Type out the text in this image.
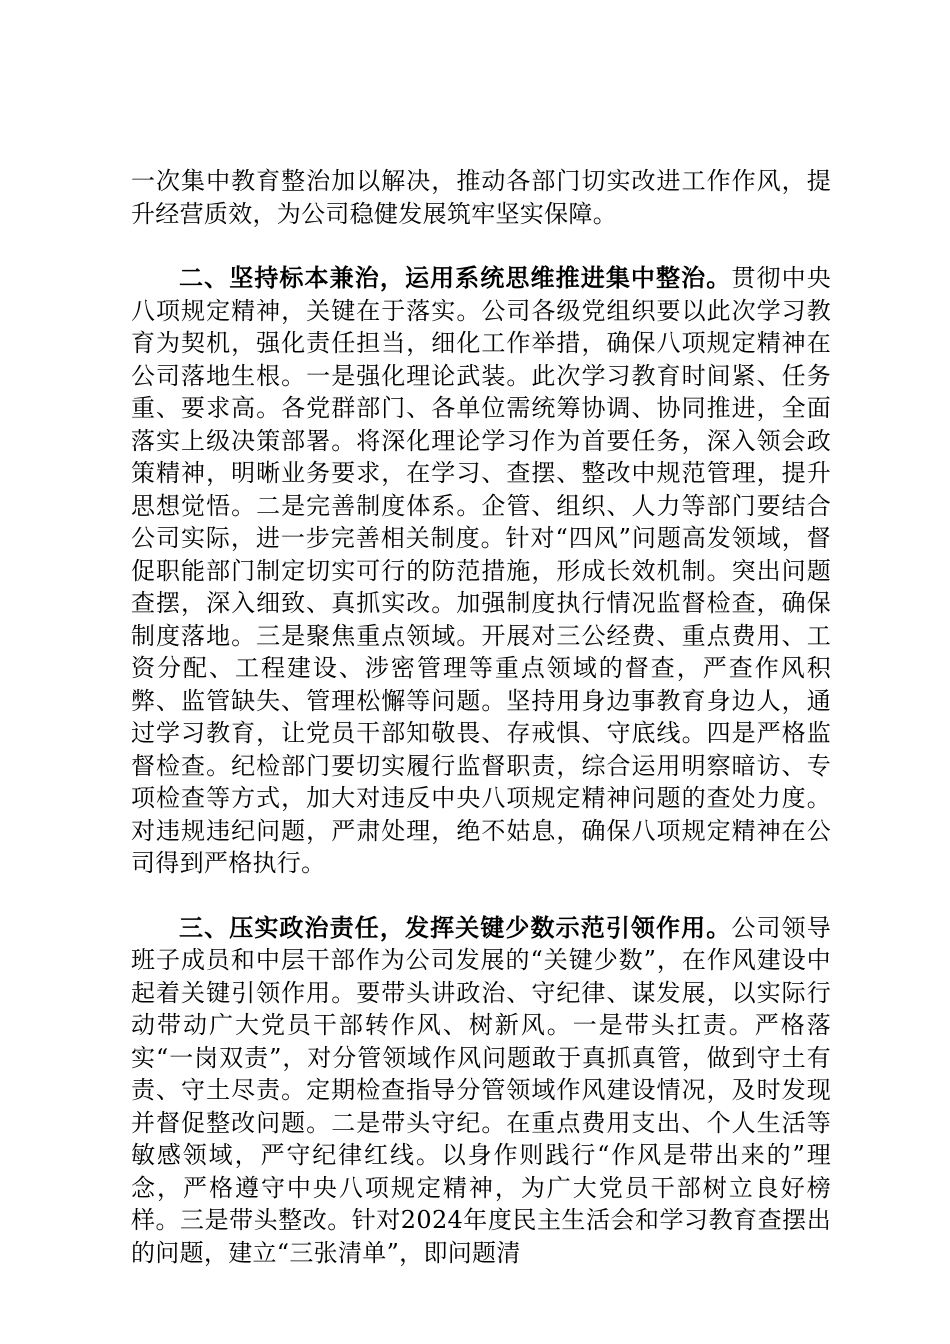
一次集中教育整治加以解决，推动各部门切实改进工作作风，提升经营质效，为公司稳健发展筑牢坚实保障。

二、坚持标本兼治，运用系统思维推进集中整治。贯彻中央八项规定精神，关键在于落实。公司各级党组织要以此次学习教育为契机，强化责任担当，细化工作举措，确保八项规定精神在公司落地生根。一是强化理论武装。此次学习教育时间紧、任务重、要求高。各党群部门、各单位需统筹协调、协同推进，全面落实上级决策部署。将深化理论学习作为首要任务，深入领会政策精神，明晰业务要求，在学习、查摆、整改中规范管理，提升思想觉悟。二是完善制度体系。企管、组织、人力等部门要结合公司实际，进一步完善相关制度。针对“四风”问题高发领域，督促职能部门制定切实可行的防范措施，形成长效机制。突出问题查摆，深入细致、真抓实改。加强制度执行情况监督检查，确保制度落地。三是聚焦重点领域。开展对三公经费、重点费用、工资分配、工程建设、涉密管理等重点领域的督查，严查作风积弊、监管缺失、管理松懈等问题。坚持用身边事教育身边人，通过学习教育，让党员干部知敬畏、存戒惧、守底线。四是严格监督检查。纪检部门要切实履行监督职责，综合运用明察暗访、专项检查等方式，加大对违反中央八项规定精神问题的查处力度。对违规违纪问题，严肃处理，绝不姑息，确保八项规定精神在公司得到严格执行。

三、压实政治责任，发挥关键少数示范引领作用。公司领导班子成员和中层干部作为公司发展的“关键少数”，在作风建设中起着关键引领作用。要带头讲政治、守纪律、谋发展，以实际行动带动广大党员干部转作风、树新风。一是带头扛责。严格落实“一岗双责”，对分管领域作风问题敢于真抓真管，做到守土有责、守土尽责。定期检查指导分管领域作风建设情况，及时发现并督促整改问题。二是带头守纪。在重点费用支出、个人生活等敏感领域，严守纪律红线。以身作则践行“作风是带出来的”理念，严格遵守中央八项规定精神，为广大党员干部树立良好榜样。三是带头整改。针对2024年度民主生活会和学习教育查摆出的问题，建立“三张清单”，即问题清
